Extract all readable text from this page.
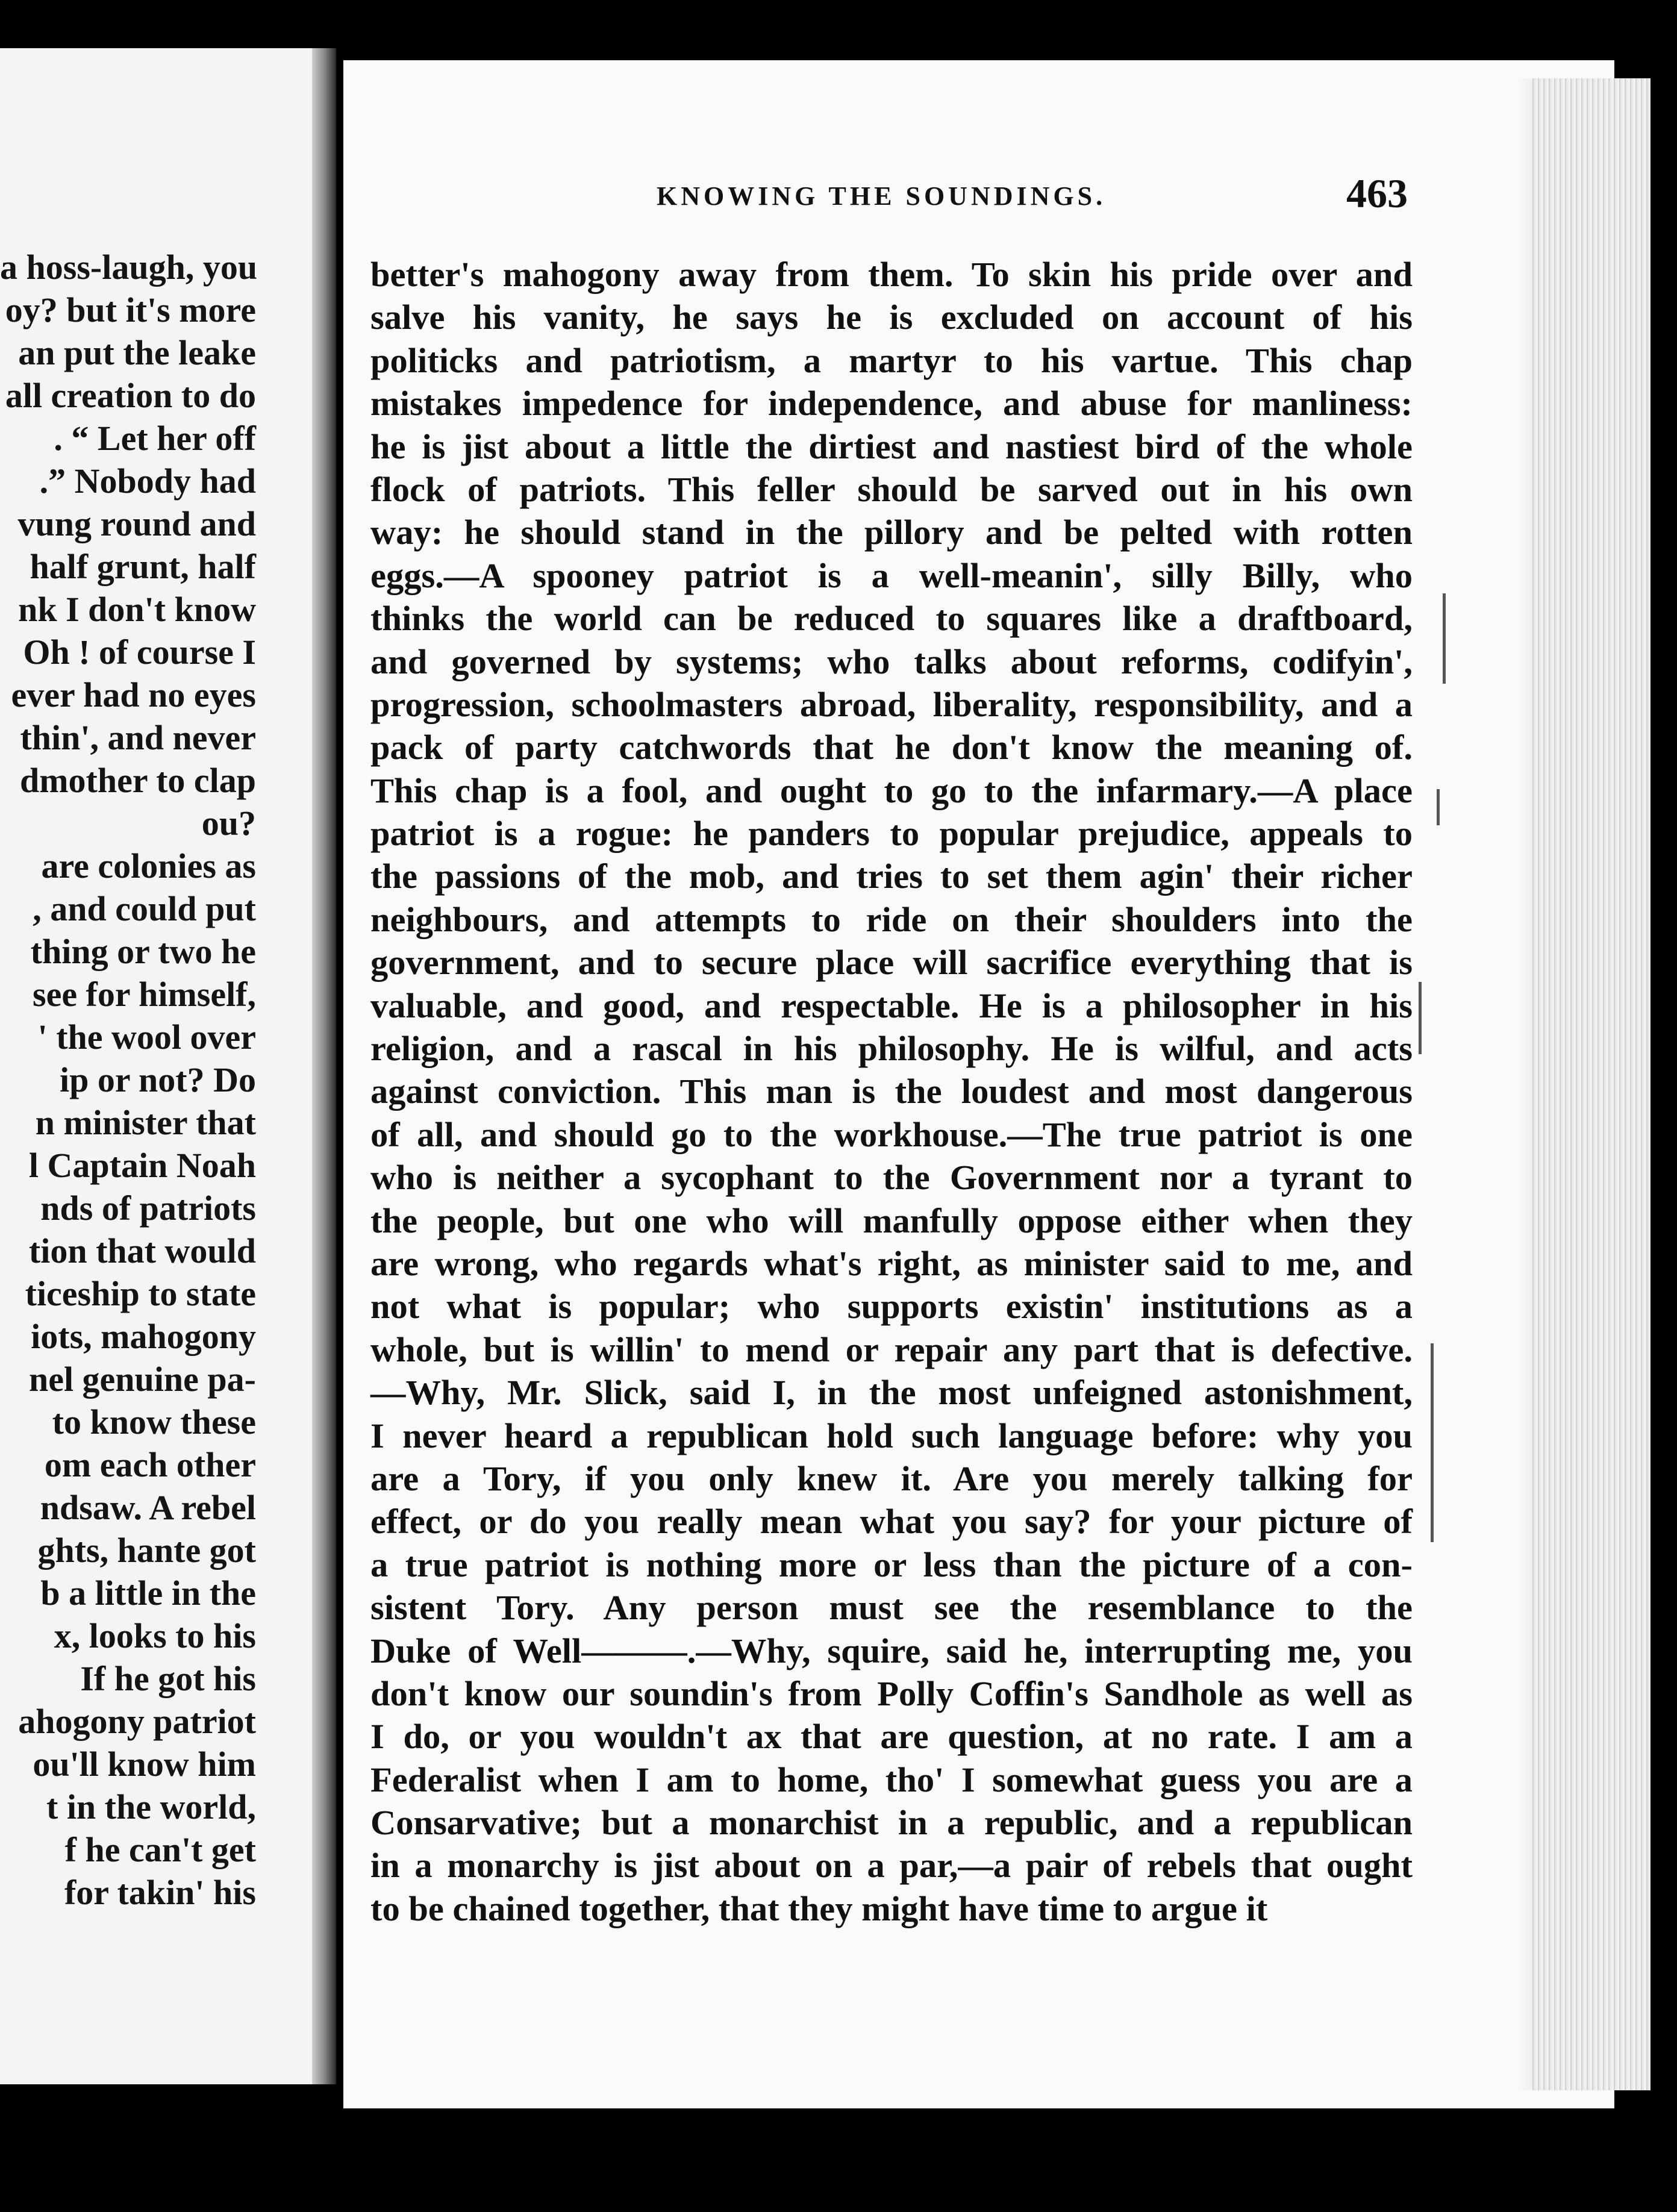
a hoss-laugh, you
oy? but it's more
an put the leake
all creation to do
. “ Let her off
.” Nobody had
vung round and
half grunt, half
nk I don't know
Oh ! of course I
ever had no eyes
thin', and never
dmother to clap
ou?
are colonies as
, and could put
thing or two he
see for himself,
' the wool over
ip or not? Do
n minister that
l Captain Noah
nds of patriots
tion that would
ticeship to state
iots, mahogony
nel genuine pa-
to know these
om each other
ndsaw. A rebel
ghts, hante got
b a little in the
x, looks to his
If he got his
ahogony patriot
ou'll know him
t in the world,
f he can't get
for takin' his
KNOWING THE SOUNDINGS.	463
better's mahogony away from them. To skin his pride over and
salve his vanity, he says he is excluded on account of his
politicks and patriotism, a martyr to his vartue. This chap
mistakes impedence for independence, and abuse for manliness:
he is jist about a little the dirtiest and nastiest bird of the whole
flock of patriots. This feller should be sarved out in his own
way: he should stand in the pillory and be pelted with rotten
eggs.—A spooney patriot is a well-meanin', silly Billy, who
thinks the world can be reduced to squares like a draftboard,
and governed by systems; who talks about reforms, codifyin',
progression, schoolmasters abroad, liberality, responsibility, and a
pack of party catchwords that he don't know the meaning of.
This chap is a fool, and ought to go to the infarmary.—A place
patriot is a rogue: he panders to popular prejudice, appeals to
the passions of the mob, and tries to set them agin' their richer
neighbours, and attempts to ride on their shoulders into the
government, and to secure place will sacrifice everything that is
valuable, and good, and respectable. He is a philosopher in his
religion, and a rascal in his philosophy. He is wilful, and acts
against conviction. This man is the loudest and most dangerous
of all, and should go to the workhouse.—The true patriot is one
who is neither a sycophant to the Government nor a tyrant to
the people, but one who will manfully oppose either when they
are wrong, who regards what's right, as minister said to me, and
not what is popular; who supports existin' institutions as a
whole, but is willin' to mend or repair any part that is defective.
—Why, Mr. Slick, said I, in the most unfeigned astonishment,
I never heard a republican hold such language before: why you
are a Tory, if you only knew it. Are you merely talking for
effect, or do you really mean what you say? for your picture of
a true patriot is nothing more or less than the picture of a con-
sistent Tory. Any person must see the resemblance to the
Duke of Well———.—Why, squire, said he, interrupting me, you
don't know our soundin's from Polly Coffin's Sandhole as well as
I do, or you wouldn't ax that are question, at no rate. I am a
Federalist when I am to home, tho' I somewhat guess you are a
Consarvative; but a monarchist in a republic, and a republican
in a monarchy is jist about on a par,—a pair of rebels that ought
to be chained together, that they might have time to argue it
